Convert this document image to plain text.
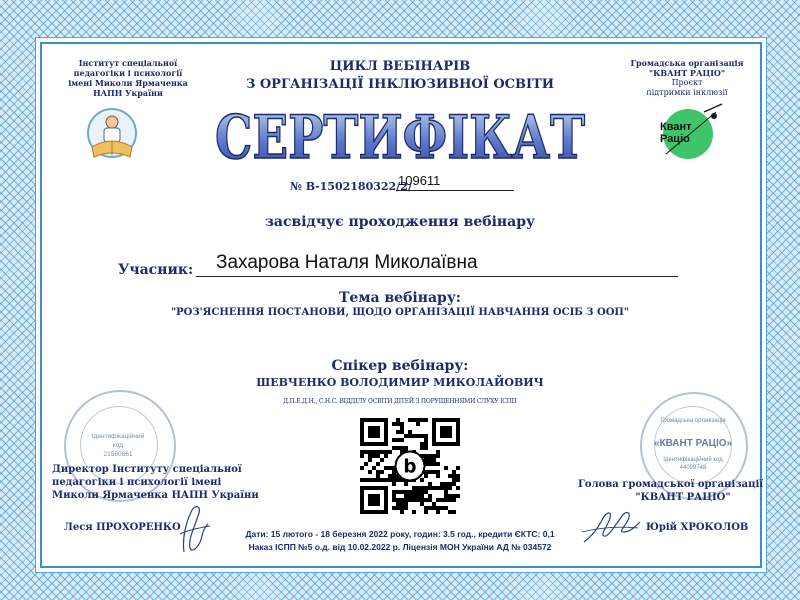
Інститут спеціальної
педагогіки і психології
імені Миколи Ярмаченка
НАПН України
Громадська організація
"КВАНТ РАЦІО"
Проєкт
підтримки інклюзії
Квант
Раціо
ЦИКЛ ВЕБІНАРІВ
З ОРГАНІЗАЦІЇ ІНКЛЮЗИВНОЇ ОСВІТИ
СЕРТИФІКАТ
№ В-1502180322/2/
109611
засвідчує проходження вебінару
Учасник: Захарова Наталя Миколаївна
Тема вебінару:
"РОЗ'ЯСНЕННЯ ПОСТАНОВИ, ЩОДО ОРГАНІЗАЦІЇ НАВЧАННЯ ОСІБ З ООП"
Спікер вебінару:
ШЕВЧЕНКО ВОЛОДИМИР МИКОЛАЙОВИЧ
Д.П.Е.Д.Н., С.Н.С. ВІДДІЛУ ОСВІТИ ДІТЕЙ З ПОРУШЕННЯМИ СЛУХУ ІСПП
b
Ідентифікаційний
код
21560861
Громадська організація
«КВАНТ РАЦІО»
Ідентифікаційний код
44099748
Директор Інституту спеціальної
педагогіки і психології імені
Миколи Ярмаченка НАПН України
Леся ПРОХОРЕНКО
Голова громадської організації
"КВАНТ РАЦІО"
Юрій ХРОКОЛОВ
Дати: 15 лютого - 18 березня 2022 року, годин: 3.5 год., кредити ЄКТС: 0,1
Наказ ІСПП №5 о.д. від 10.02.2022 р. Ліцензія МОН України АД № 034572
